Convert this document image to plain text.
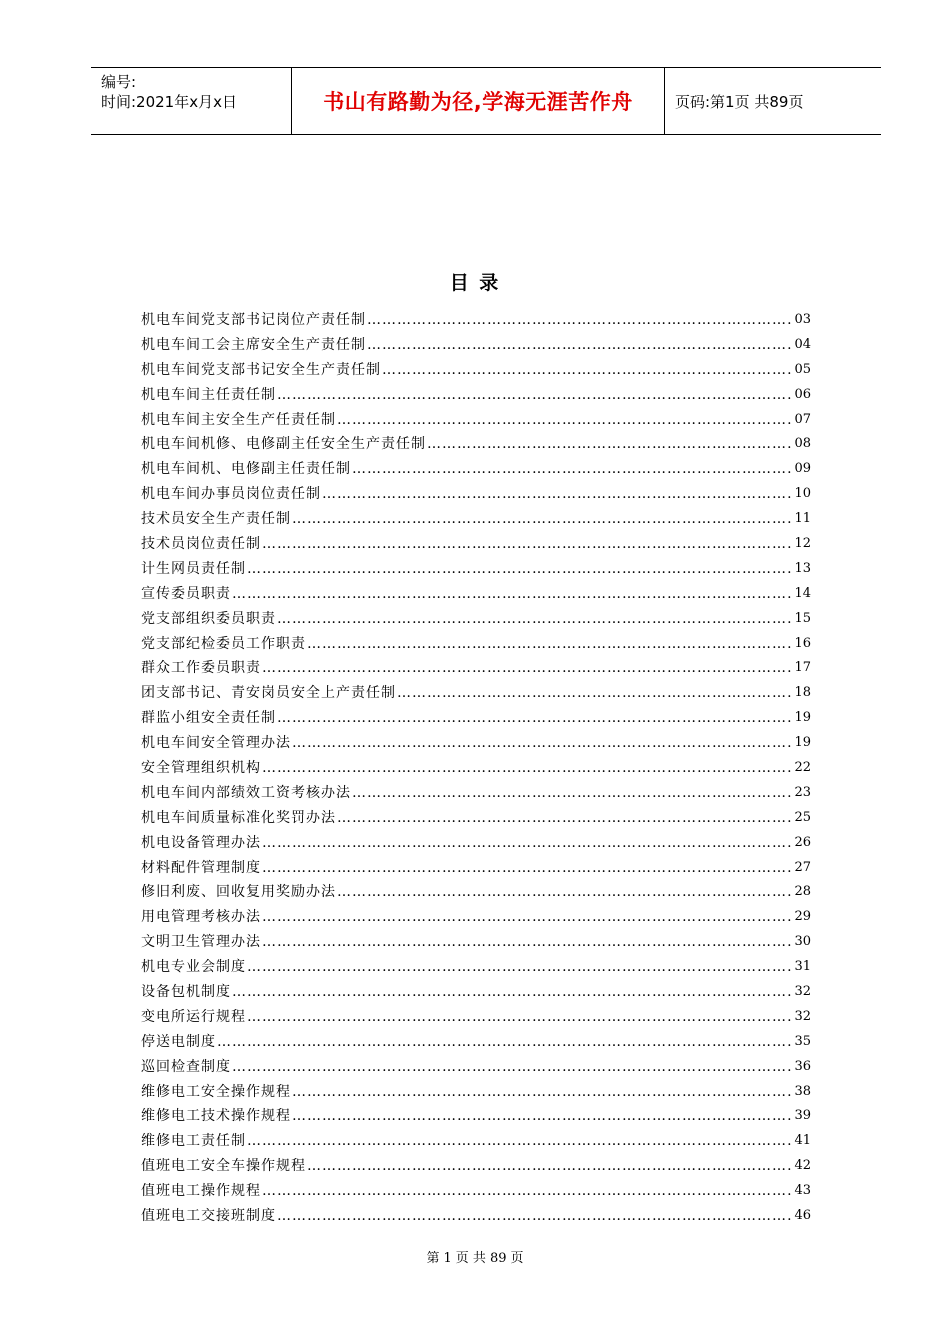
编号:
时间:2021年x月x日	书山有路勤为径,学海无涯苦作舟	页码:第1页 共89页
目 录
机电车间党支部书记岗位产责任制 …………………………………………………………………………………………………………………………………………………………………………	03
机电车间工会主席安全生产责任制 …………………………………………………………………………………………………………………………………………………………………………	04
机电车间党支部书记安全生产责任制 …………………………………………………………………………………………………………………………………………………………………………	05
机电车间主任责任制 …………………………………………………………………………………………………………………………………………………………………………	06
机电车间主安全生产任责任制 …………………………………………………………………………………………………………………………………………………………………………	07
机电车间机修、电修副主任安全生产责任制 …………………………………………………………………………………………………………………………………………………………………………	08
机电车间机、电修副主任责任制 …………………………………………………………………………………………………………………………………………………………………………	09
机电车间办事员岗位责任制 …………………………………………………………………………………………………………………………………………………………………………	10
技术员安全生产责任制 …………………………………………………………………………………………………………………………………………………………………………	11
技术员岗位责任制 …………………………………………………………………………………………………………………………………………………………………………	12
计生网员责任制 …………………………………………………………………………………………………………………………………………………………………………	13
宣传委员职责 …………………………………………………………………………………………………………………………………………………………………………	14
党支部组织委员职责 …………………………………………………………………………………………………………………………………………………………………………	15
党支部纪检委员工作职责 …………………………………………………………………………………………………………………………………………………………………………	16
群众工作委员职责 …………………………………………………………………………………………………………………………………………………………………………	17
团支部书记、青安岗员安全上产责任制 …………………………………………………………………………………………………………………………………………………………………………	18
群监小组安全责任制 …………………………………………………………………………………………………………………………………………………………………………	19
机电车间安全管理办法 …………………………………………………………………………………………………………………………………………………………………………	19
安全管理组织机构 …………………………………………………………………………………………………………………………………………………………………………	22
机电车间内部绩效工资考核办法 …………………………………………………………………………………………………………………………………………………………………………	23
机电车间质量标准化奖罚办法 …………………………………………………………………………………………………………………………………………………………………………	25
机电设备管理办法 …………………………………………………………………………………………………………………………………………………………………………	26
材料配件管理制度 …………………………………………………………………………………………………………………………………………………………………………	27
修旧利废、回收复用奖励办法 …………………………………………………………………………………………………………………………………………………………………………	28
用电管理考核办法 …………………………………………………………………………………………………………………………………………………………………………	29
文明卫生管理办法 …………………………………………………………………………………………………………………………………………………………………………	30
机电专业会制度 …………………………………………………………………………………………………………………………………………………………………………	31
设备包机制度 …………………………………………………………………………………………………………………………………………………………………………	32
变电所运行规程 …………………………………………………………………………………………………………………………………………………………………………	32
停送电制度 …………………………………………………………………………………………………………………………………………………………………………	35
巡回检查制度 …………………………………………………………………………………………………………………………………………………………………………	36
维修电工安全操作规程 …………………………………………………………………………………………………………………………………………………………………………	38
维修电工技术操作规程 …………………………………………………………………………………………………………………………………………………………………………	39
维修电工责任制 …………………………………………………………………………………………………………………………………………………………………………	41
值班电工安全车操作规程 …………………………………………………………………………………………………………………………………………………………………………	42
值班电工操作规程 …………………………………………………………………………………………………………………………………………………………………………	43
值班电工交接班制度 …………………………………………………………………………………………………………………………………………………………………………	46
第 1 页 共 89 页
